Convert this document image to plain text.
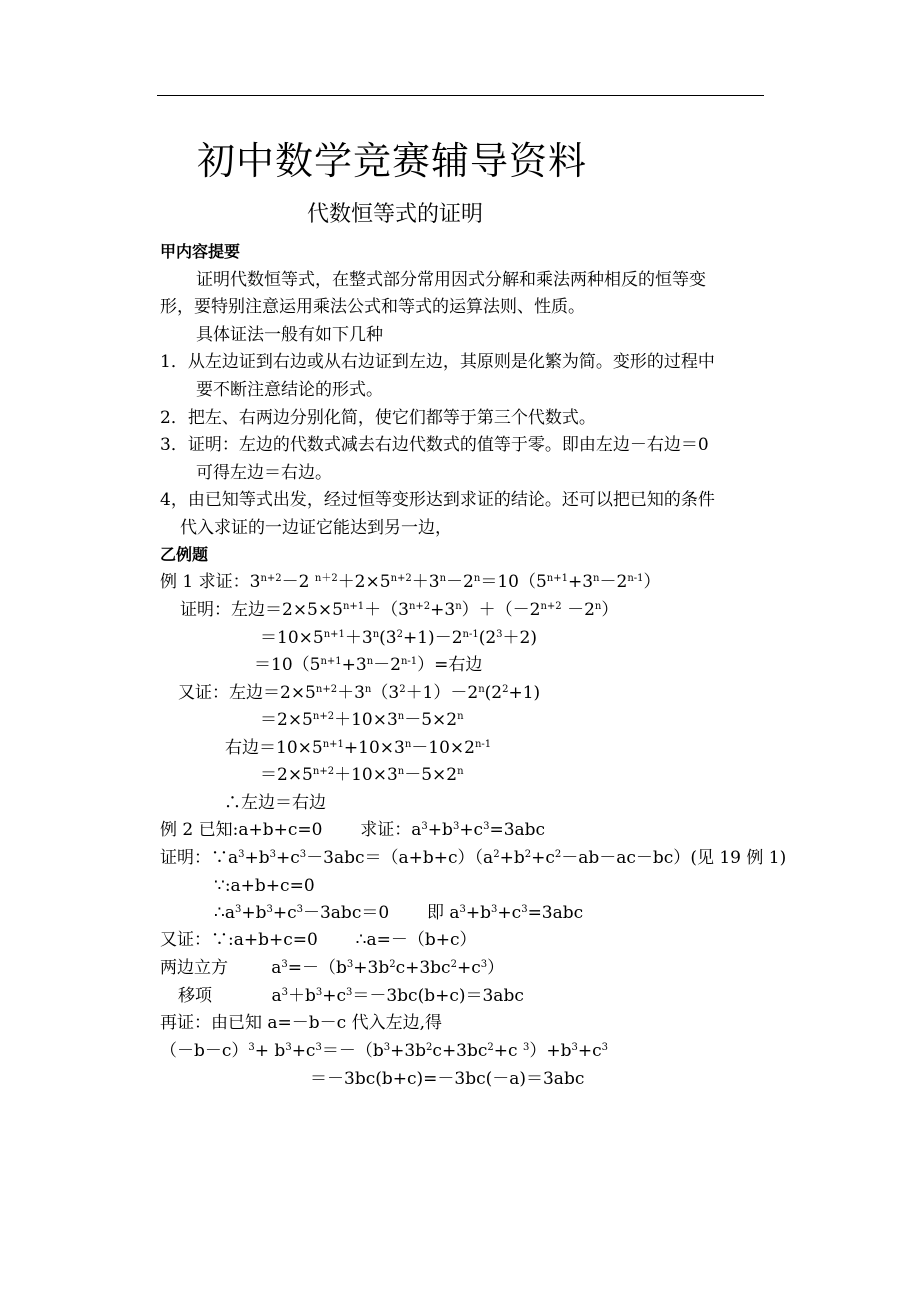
初中数学竞赛辅导资料
代数恒等式的证明
甲内容提要
证明代数恒等式，在整式部分常用因式分解和乘法两种相反的恒等变
形，要特别注意运用乘法公式和等式的运算法则、性质。
具体证法一般有如下几种
1．从左边证到右边或从右边证到左边，其原则是化繁为简。变形的过程中
要不断注意结论的形式。
2．把左、右两边分别化简，使它们都等于第三个代数式。
3．证明：左边的代数式减去右边代数式的值等于零。即由左边－右边＝0
可得左边＝右边。
4，由已知等式出发，经过恒等变形达到求证的结论。还可以把已知的条件
代入求证的一边证它能达到另一边，
乙例题
例 1 求证：$3^{n+2}-2$ $^{n+2}+2\times 5^{n+2}+3^n-2^n=10(5^{n+1}+3^n-2^{n-1})$
证明：左边$=2\times 5\times 5^{n+1}+(3^{n+2}+3^n)+(-2^{n+2} -2^n)$
$=10\times 5^{n+1}+3^n(3^2+1)-2^{n-1}(2^3+2)$
$=10(5^{n+1}+3^n-2^{n-1})=$右边
又证：左边$=2\times 5^{n+2}+3^n(3^2+1)-2^n(2^2+1)$
$=2\times 5^{n+2}+10\times 3^n-5\times 2^n$
右边$=10\times 5^{n+1}+10\times 3^n-10\times 2^{n-1}$
$=2\times 5^{n+2}+10\times 3^n-5\times 2^n$
∴左边＝右边
例 2 已知:a+b+c=0 求证：$a^3+b^3+c^3=3abc$
证明：$\because a^3+b^3+c^3-3abc=(a+b+c)(a^2+b^2+c^2-ab-ac-bc)$(见 19 例 1)
∵:a+b+c=0
$\therefore a^3+b^3+c^3-3abc=0$       即 $a^3+b^3+c^3=3abc$
又证：∵:a+b+c=0       ∴a=－（b+c）
两边立方        $a^3=-(b^3+3b^2c+3bc^2+c^3)$
移项           $a^3+b^3+c^3=-3bc(b+c)=3abc$
再证：由已知 a=－b－c 代入左边,得
$(-b-c)^3+ b^3+c^3=-(b^3+3b^2c+3bc^2+c$ $^3)+b^3+c^3$
＝－3bc(b+c)=－3bc(－a)＝3abc
